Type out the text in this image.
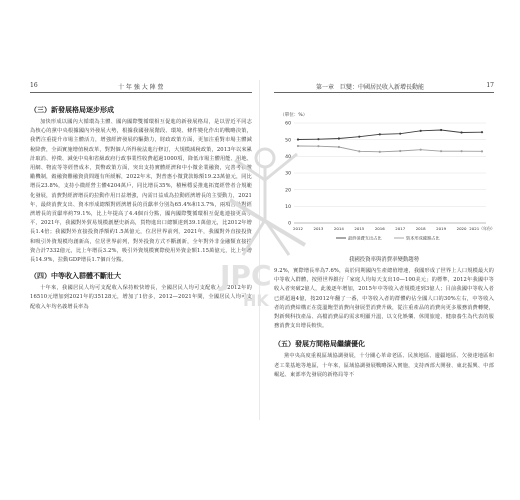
16	十 年 強 大 陣 營	第一章　巨變：中國居民收入新增長動能	17
（三）新發展格局逐步形成

加快形成以國內大循環為主體、國內國際雙循環相互促進的新發展格局，是以習近平同志為核心的黨中央根據國內外發展大勢，根據我國發展階段、環境、條件變化作出的戰略決策，我們注重提升市場主體活力，增強經濟發展的驅動力，財政政策方面，更加注重對市場主體減稅降費，全面實施增值稅改革，對對個人所得稅法進行修訂，大規模減稅政策，2013年以來累計取消、停徵、減免中央和省級政府行政事業性收費超過1000項，降低市場主體用能、用地、用網、物流等等經營成本，貨幣政策方面，突出支持實體經濟和中小微企業融資，完善考核激勵機制，穀融資難融資貴問題有所緩解，2022年末，對普惠小微貸款餘額19.23萬億元，同比增長23.8%，支持小微經營主體4204萬戶，同比增長35%，積極穩妥推進拓寬經營者合規範化發展，消費對經濟增長的拉動作用日益增強，內需日益成為拉動經濟增長的主要動力，2021年，最終消費支出、資本形成總額對經濟增長的貢獻率分別為65.4%和13.7%，兩項合計對經濟增長的貢獻率約79.1%，比上年提高了4.4個百分點，國內國際雙循環相互促進連接更高水平，2021年，我國對外貿易規模創歷史新高，貨物進出口總額達到39.1萬億元，比2012年增長1.4倍；我國對外直接投資淨額約1.5萬億元，位居世界前列，2021年，我國對外直接投資和吸引外資規模均創新高，位居世界前列，對外投資方式不斷創新，全年對外非金融類直接投資合計7332億元，比上年增長3.2%，吸引外資規模實際使用外資金額1.15萬億元，比上年增長14.9%，拉動GDP增長1.7個百分點。

（四）中等收入群體不斷壯大

十年來，我國居民人均可支配收入保持較快增長，全國居民人均可支配收入由2012年的16510元增加到2021年的35128元，增加了1倍多，2012—2021年間，全國居民人均可支配收入年均名義增長率為

（單位：%）
0
10
20
30
40
50
60
2012	2013	2014	2015	2016	2017	2018	2019	2020 2021（年份）
最終消費支出占比	資本形成總額占比
我國投資率與消費率變動趨勢

9.2%，實際增長率為7.6%，高於同期國內生產總值增速，我國形成了世界上人口規模最大的中等收入群體，按照世界銀行「家庭人均每天支出10—100美元」的標準，2012年我國中等收入者突破2億人，此後逐年增加，2015年中等收入者規模達到3億人；目前我國中等收入者已經超過4億，按2012年翻了一番，中等收入者的群體約佔全國人口的30%左右，中等收入者的消費結構正在從溫飽型消費向發展型消費升級，從注重產品的消費向更多服務消費轉變，對新興科技產品、高檔消費品的需求明顯升溫，以文化娛樂、休閒旅遊、健康養生為代表的服務消費支出增長較快。

（五）發展方間格局繼續優化

黨中央高度重視區域協調發展，十分關心革命老區、民族地區、邊疆地區、欠發達地區和老工業基地等地區，十年來，區域協調發展戰略深入實施，支持西部大開發、東北振興、中部崛起、東部率先發展的新格局等不

JPC
HK
